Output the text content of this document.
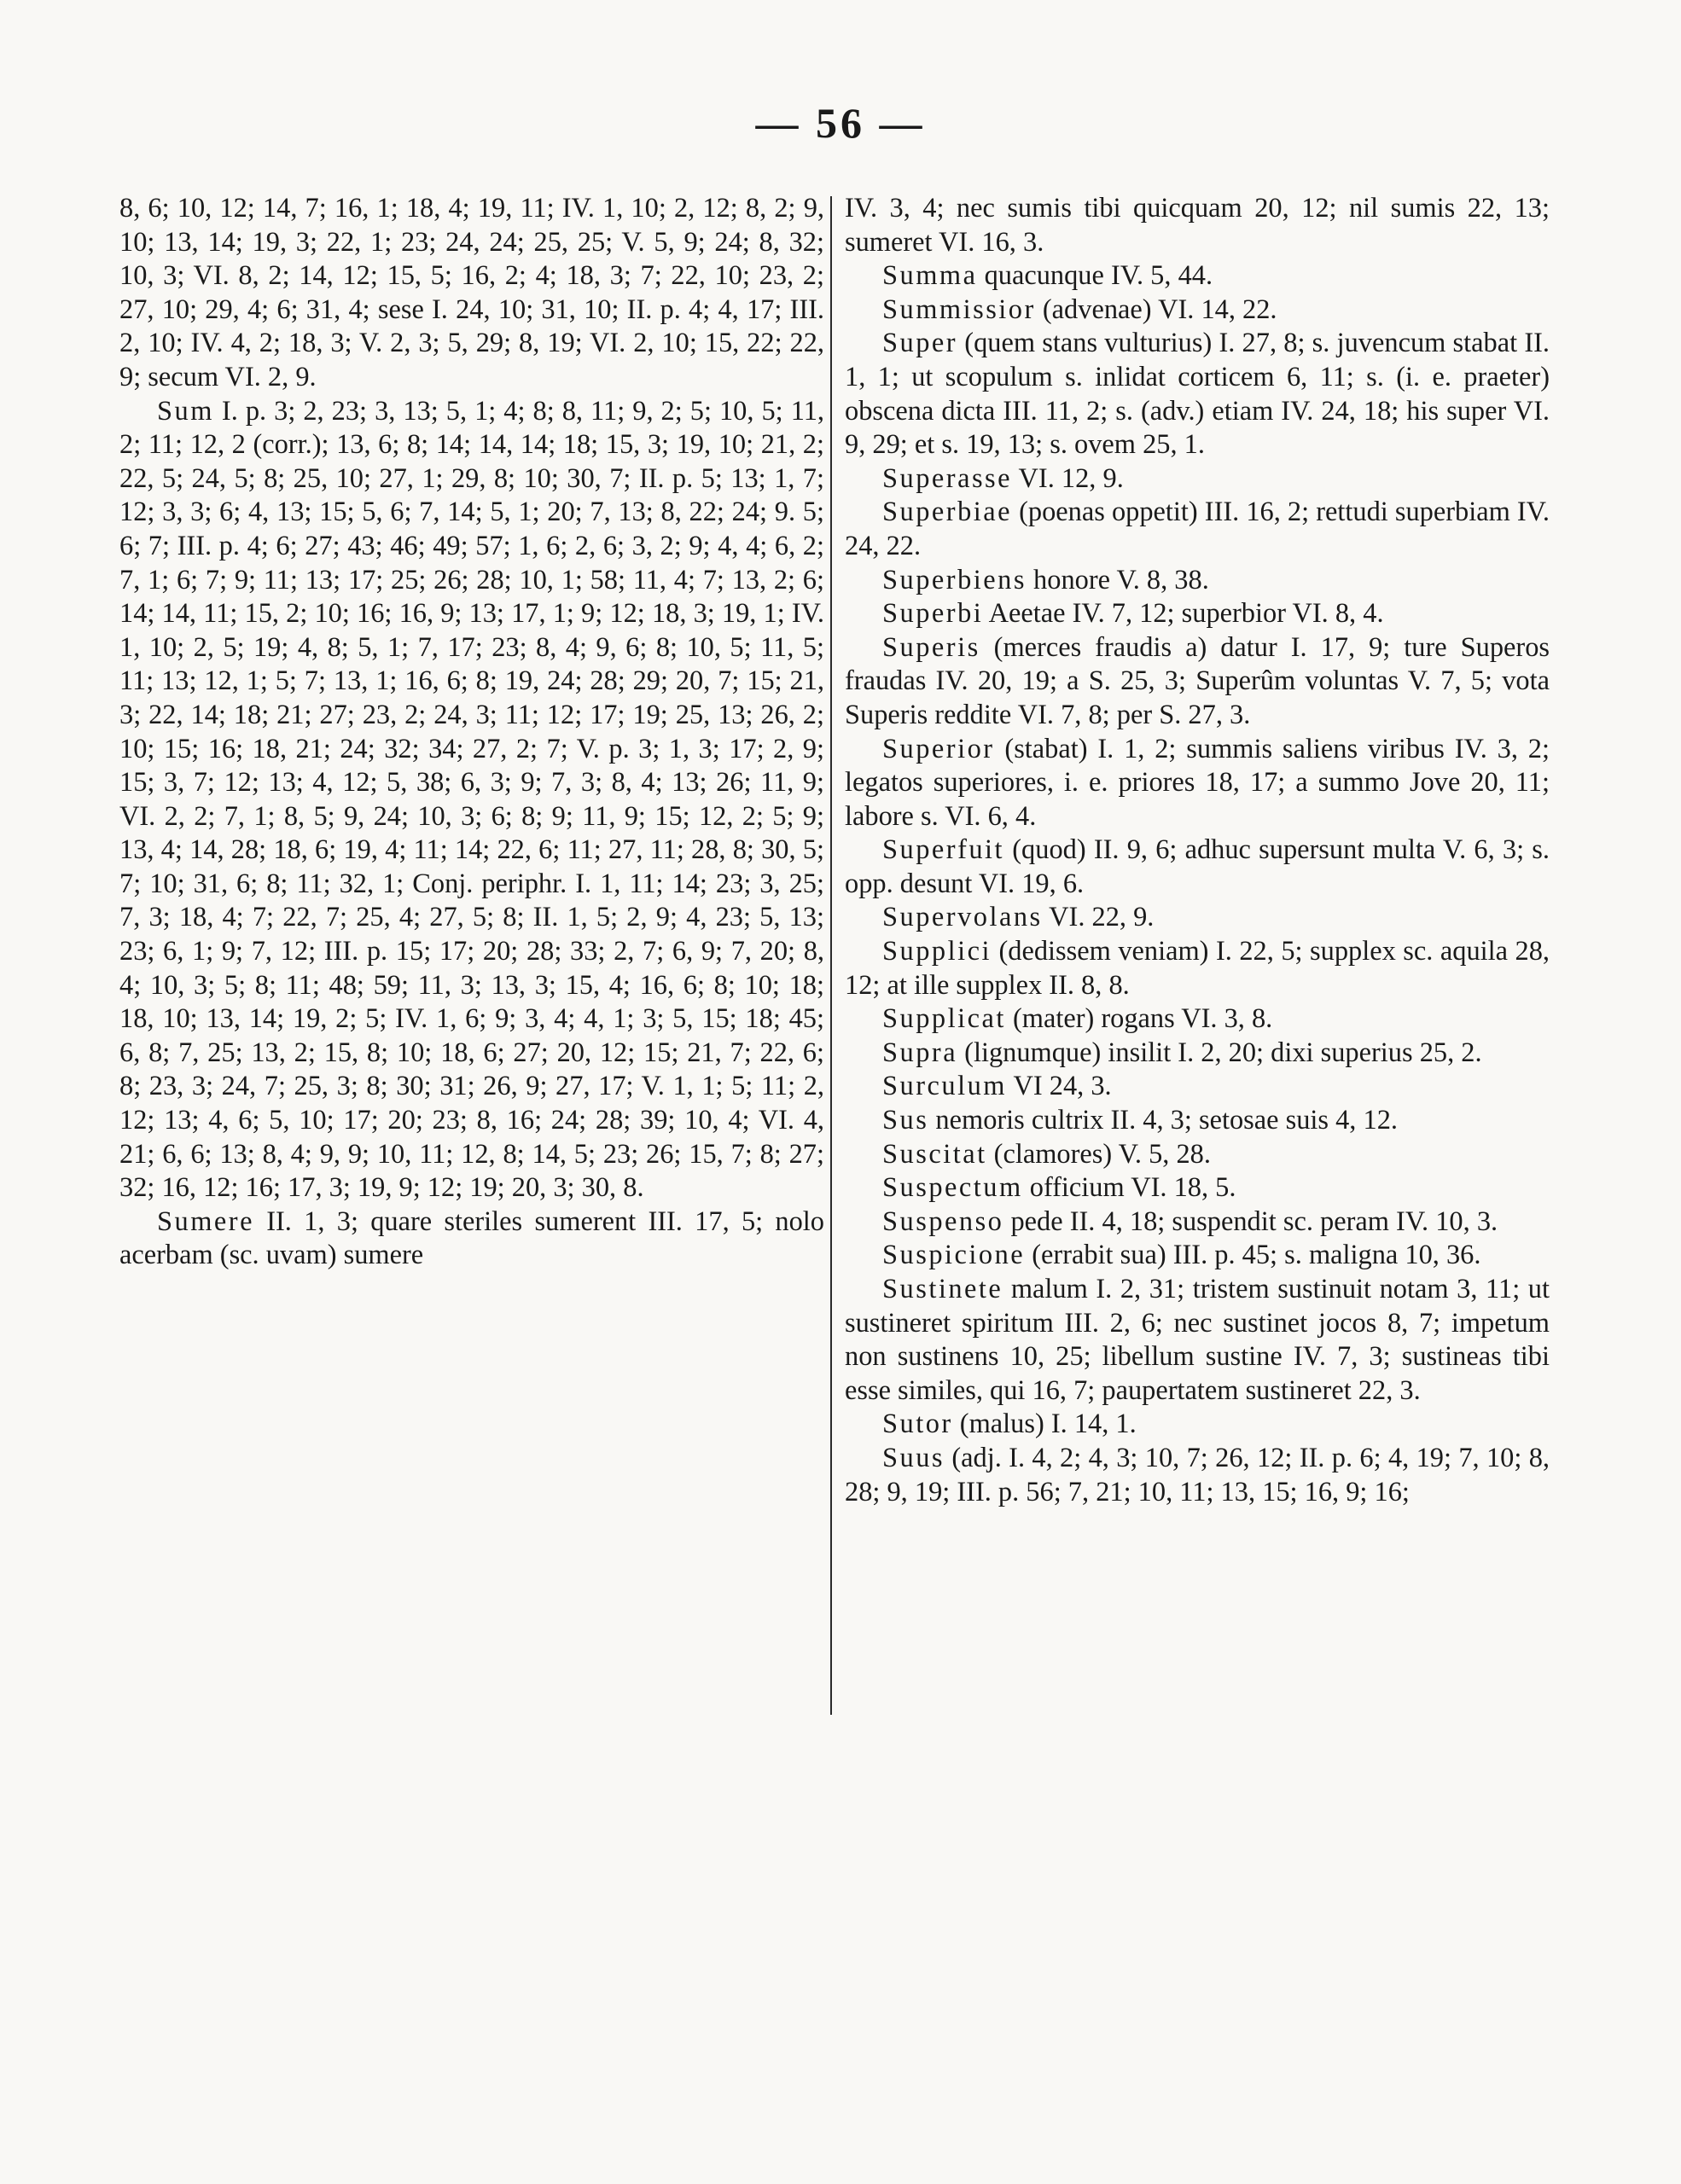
— 56 —

8, 6; 10, 12; 14, 7; 16, 1; 18, 4; 19, 11; IV. 1, 10; 2, 12; 8, 2; 9, 10; 13, 14; 19, 3; 22, 1; 23; 24, 24; 25, 25; V. 5, 9; 24; 8, 32; 10, 3; VI. 8, 2; 14, 12; 15, 5; 16, 2; 4; 18, 3; 7; 22, 10; 23, 2; 27, 10; 29, 4; 6; 31, 4; sese I. 24, 10; 31, 10; II. p. 4; 4, 17; III. 2, 10; IV. 4, 2; 18, 3; V. 2, 3; 5, 29; 8, 19; VI. 2, 10; 15, 22; 22, 9; secum VI. 2, 9.

Sum I. p. 3; 2, 23; 3, 13; 5, 1; 4; 8; 8, 11; 9, 2; 5; 10, 5; 11, 2; 11; 12, 2 (corr.); 13, 6; 8; 14; 14, 14; 18; 15, 3; 19, 10; 21, 2; 22, 5; 24, 5; 8; 25, 10; 27, 1; 29, 8; 10; 30, 7; II. p. 5; 13; 1, 7; 12; 3, 3; 6; 4, 13; 15; 5, 6; 7, 14; 5, 1; 20; 7, 13; 8, 22; 24; 9. 5; 6; 7; III. p. 4; 6; 27; 43; 46; 49; 57; 1, 6; 2, 6; 3, 2; 9; 4, 4; 6, 2; 7, 1; 6; 7; 9; 11; 13; 17; 25; 26; 28; 10, 1; 58; 11, 4; 7; 13, 2; 6; 14; 14, 11; 15, 2; 10; 16; 16, 9; 13; 17, 1; 9; 12; 18, 3; 19, 1; IV. 1, 10; 2, 5; 19; 4, 8; 5, 1; 7, 17; 23; 8, 4; 9, 6; 8; 10, 5; 11, 5; 11; 13; 12, 1; 5; 7; 13, 1; 16, 6; 8; 19, 24; 28; 29; 20, 7; 15; 21, 3; 22, 14; 18; 21; 27; 23, 2; 24, 3; 11; 12; 17; 19; 25, 13; 26, 2; 10; 15; 16; 18, 21; 24; 32; 34; 27, 2; 7; V. p. 3; 1, 3; 17; 2, 9; 15; 3, 7; 12; 13; 4, 12; 5, 38; 6, 3; 9; 7, 3; 8, 4; 13; 26; 11, 9; VI. 2, 2; 7, 1; 8, 5; 9, 24; 10, 3; 6; 8; 9; 11, 9; 15; 12, 2; 5; 9; 13, 4; 14, 28; 18, 6; 19, 4; 11; 14; 22, 6; 11; 27, 11; 28, 8; 30, 5; 7; 10; 31, 6; 8; 11; 32, 1; Conj. periphr. I. 1, 11; 14; 23; 3, 25; 7, 3; 18, 4; 7; 22, 7; 25, 4; 27, 5; 8; II. 1, 5; 2, 9; 4, 23; 5, 13; 23; 6, 1; 9; 7, 12; III. p. 15; 17; 20; 28; 33; 2, 7; 6, 9; 7, 20; 8, 4; 10, 3; 5; 8; 11; 48; 59; 11, 3; 13, 3; 15, 4; 16, 6; 8; 10; 18; 18, 10; 13, 14; 19, 2; 5; IV. 1, 6; 9; 3, 4; 4, 1; 3; 5, 15; 18; 45; 6, 8; 7, 25; 13, 2; 15, 8; 10; 18, 6; 27; 20, 12; 15; 21, 7; 22, 6; 8; 23, 3; 24, 7; 25, 3; 8; 30; 31; 26, 9; 27, 17; V. 1, 1; 5; 11; 2, 12; 13; 4, 6; 5, 10; 17; 20; 23; 8, 16; 24; 28; 39; 10, 4; VI. 4, 21; 6, 6; 13; 8, 4; 9, 9; 10, 11; 12, 8; 14, 5; 23; 26; 15, 7; 8; 27; 32; 16, 12; 16; 17, 3; 19, 9; 12; 19; 20, 3; 30, 8.

Sumere II. 1, 3; quare steriles sumerent III. 17, 5; nolo acerbam (sc. uvam) sumere

IV. 3, 4; nec sumis tibi quicquam 20, 12; nil sumis 22, 13; sumeret VI. 16, 3.

Summa quacunque IV. 5, 44.

Summissior (advenae) VI. 14, 22.

Super (quem stans vulturius) I. 27, 8; s. juvencum stabat II. 1, 1; ut scopulum s. inlidat corticem 6, 11; s. (i. e. praeter) obscena dicta III. 11, 2; s. (adv.) etiam IV. 24, 18; his super VI. 9, 29; et s. 19, 13; s. ovem 25, 1.

Superasse VI. 12, 9.

Superbiae (poenas oppetit) III. 16, 2; rettudi superbiam IV. 24, 22.

Superbiens honore V. 8, 38.

Superbi Aeetae IV. 7, 12; superbior VI. 8, 4.

Superis (merces fraudis a) datur I. 17, 9; ture Superos fraudas IV. 20, 19; a S. 25, 3; Superûm voluntas V. 7, 5; vota Superis reddite VI. 7, 8; per S. 27, 3.

Superior (stabat) I. 1, 2; summis saliens viribus IV. 3, 2; legatos superiores, i. e. priores 18, 17; a summo Jove 20, 11; labore s. VI. 6, 4.

Superfuit (quod) II. 9, 6; adhuc supersunt multa V. 6, 3; s. opp. desunt VI. 19, 6.

Supervolans VI. 22, 9.

Supplici (dedissem veniam) I. 22, 5; supplex sc. aquila 28, 12; at ille supplex II. 8, 8.

Supplicat (mater) rogans VI. 3, 8.

Supra (lignumque) insilit I. 2, 20; dixi superius 25, 2.

Surculum VI 24, 3.

Sus nemoris cultrix II. 4, 3; setosae suis 4, 12.

Suscitat (clamores) V. 5, 28.

Suspectum officium VI. 18, 5.

Suspenso pede II. 4, 18; suspendit sc. peram IV. 10, 3.

Suspicione (errabit sua) III. p. 45; s. maligna 10, 36.

Sustinete malum I. 2, 31; tristem sustinuit notam 3, 11; ut sustineret spiritum III. 2, 6; nec sustinet jocos 8, 7; impetum non sustinens 10, 25; libellum sustine IV. 7, 3; sustineas tibi esse similes, qui 16, 7; paupertatem sustineret 22, 3.

Sutor (malus) I. 14, 1.

Suus (adj. I. 4, 2; 4, 3; 10, 7; 26, 12; II. p. 6; 4, 19; 7, 10; 8, 28; 9, 19; III. p. 56; 7, 21; 10, 11; 13, 15; 16, 9; 16;
